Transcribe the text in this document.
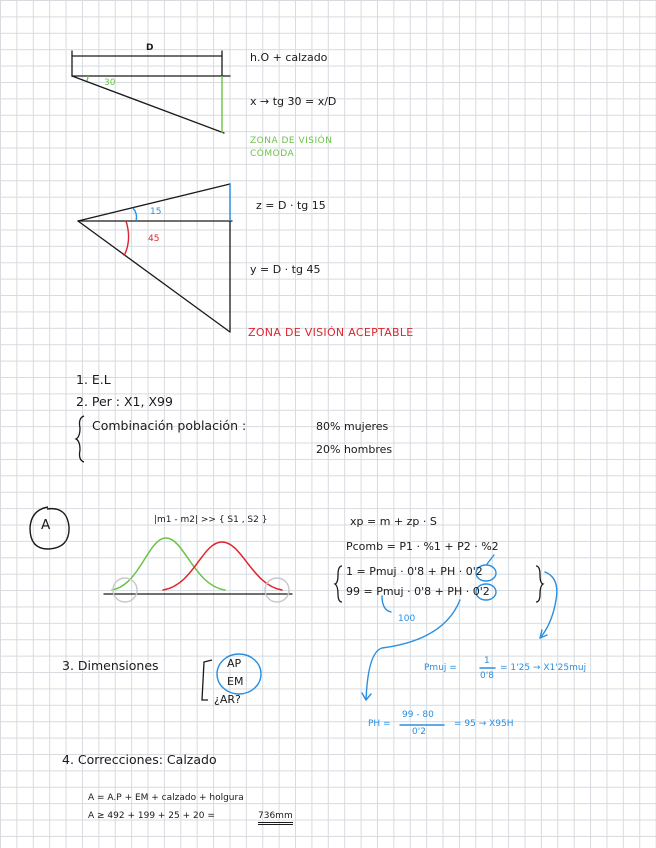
D
30
h.O + calzado
x → tg 30 = x/D
ZONA DE VISIÓN
CÓMODA
15
45
z = D · tg 15
y = D · tg 45
ZONA DE VISIÓN ACEPTABLE
1. E.L
2. Per : X1, X99
Combinación población :	80% mujeres
20% hombres
A	|m1 - m2| >> { S1 , S2 }	xp = m + zp · S
Pcomb = P1 · %1 + P2 · %2
1 = Pmuj · 0'8 + PH · 0'2
99 = Pmuj · 0'8 + PH · 0'2
100
Pmuj =
1
0'8
= 1'25 → X1'25muj
PH =
99 - 80
0'2
= 95 → X95H
3. Dimensiones	AP
EM
¿AR?
4. Correcciones: Calzado
A = A.P + EM + calzado + holgura
A ≥ 492 + 199 + 25 + 20 =	736mm
